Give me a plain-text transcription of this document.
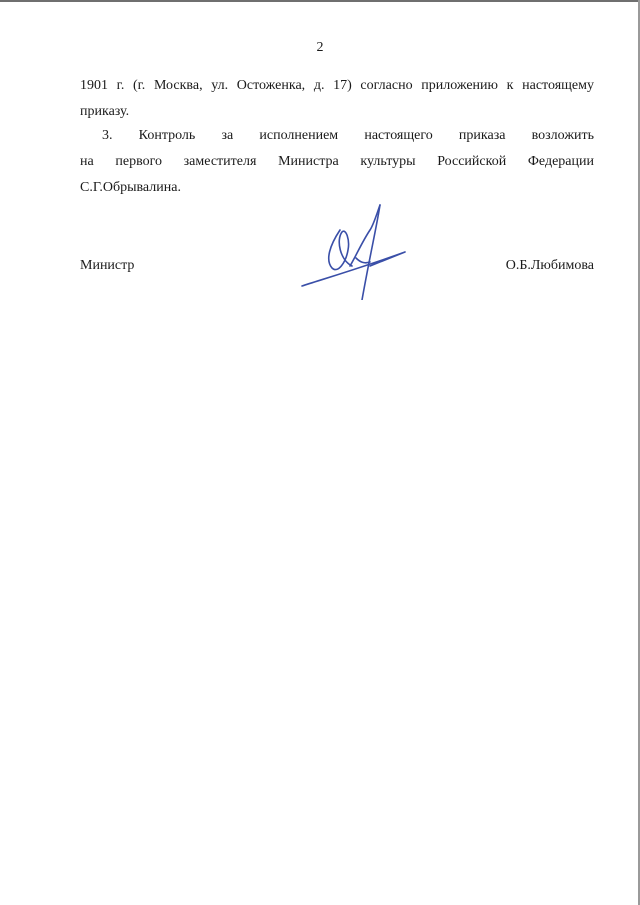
2

1901 г. (г. Москва, ул. Остоженка, д. 17) согласно приложению к настоящему
приказу.

3. Контроль за исполнением настоящего приказа возложить
на первого заместителя Министра культуры Российской Федерации
С.Г.Обрывалина.

Министр	О.Б.Любимова
